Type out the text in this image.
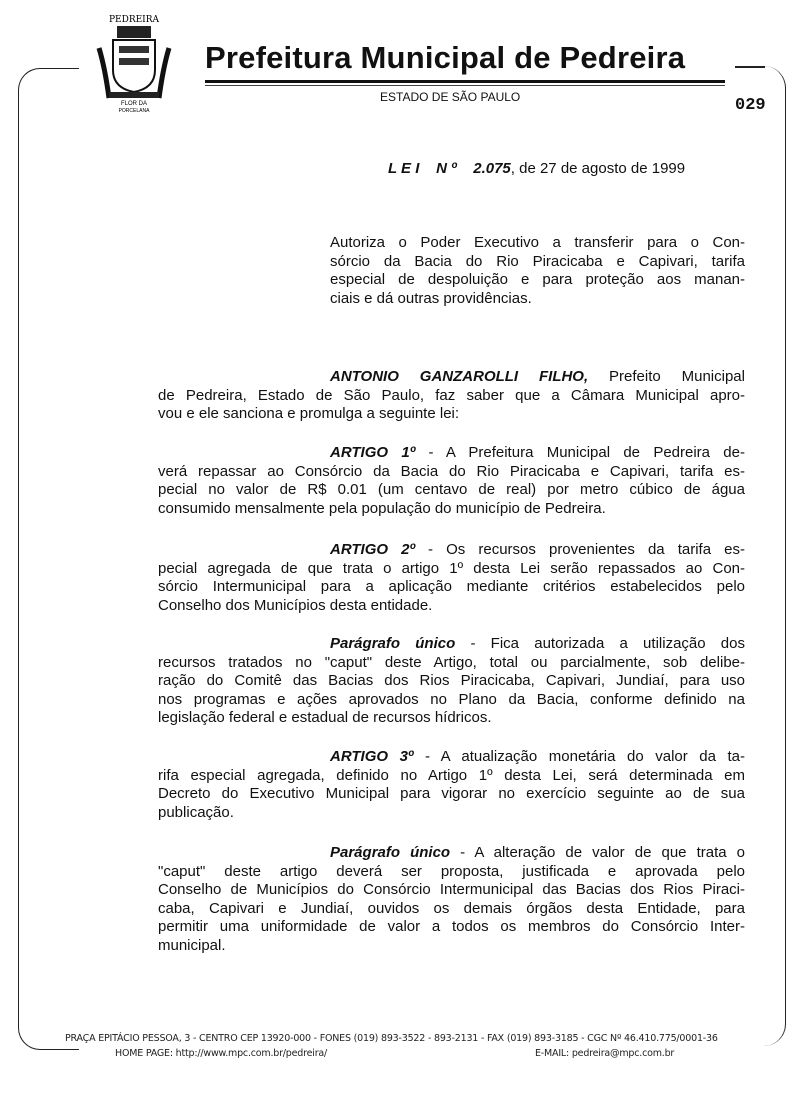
PEDREIRA
FLOR DA
PORCELANA
Prefeitura Municipal de Pedreira
ESTADO DE SÃO PAULO	029
L E I N º 2.075, de 27 de agosto de 1999
Autoriza o Poder Executivo a transferir para o Con-
sórcio da Bacia do Rio Piracicaba e Capivari, tarifa
especial de despoluição e para proteção aos manan-
ciais e dá outras providências.
ANTONIO GANZAROLLI FILHO, Prefeito Municipal
de Pedreira, Estado de São Paulo, faz saber que a Câmara Municipal apro-
vou e ele sanciona e promulga a seguinte lei:
ARTIGO 1º - A Prefeitura Municipal de Pedreira de-
verá repassar ao Consórcio da Bacia do Rio Piracicaba e Capivari, tarifa es-
pecial no valor de R$ 0.01 (um centavo de real) por metro cúbico de água
consumido mensalmente pela população do município de Pedreira.
ARTIGO 2º - Os recursos provenientes da tarifa es-
pecial agregada de que trata o artigo 1º desta Lei serão repassados ao Con-
sórcio Intermunicipal para a aplicação mediante critérios estabelecidos pelo
Conselho dos Municípios desta entidade.
Parágrafo único - Fica autorizada a utilização dos
recursos tratados no "caput" deste Artigo, total ou parcialmente, sob delibe-
ração do Comitê das Bacias dos Rios Piracicaba, Capivari, Jundiaí, para uso
nos programas e ações aprovados no Plano da Bacia, conforme definido na
legislação federal e estadual de recursos hídricos.
ARTIGO 3º - A atualização monetária do valor da ta-
rifa especial agregada, definido no Artigo 1º desta Lei, será determinada em
Decreto do Executivo Municipal para vigorar no exercício seguinte ao de sua
publicação.
Parágrafo único - A alteração de valor de que trata o
"caput" deste artigo deverá ser proposta, justificada e aprovada pelo
Conselho de Municípios do Consórcio Intermunicipal das Bacias dos Rios Piraci-
caba, Capivari e Jundiaí, ouvidos os demais órgãos desta Entidade, para
permitir uma uniformidade de valor a todos os membros do Consórcio Inter-
municipal.
PRAÇA EPITÁCIO PESSOA, 3 - CENTRO CEP 13920-000 - FONES (019) 893-3522 - 893-2131 - FAX (019) 893-3185 - CGC Nº 46.410.775/0001-36
HOME PAGE: http://www.mpc.com.br/pedreira/	E-MAIL: pedreira@mpc.com.br
